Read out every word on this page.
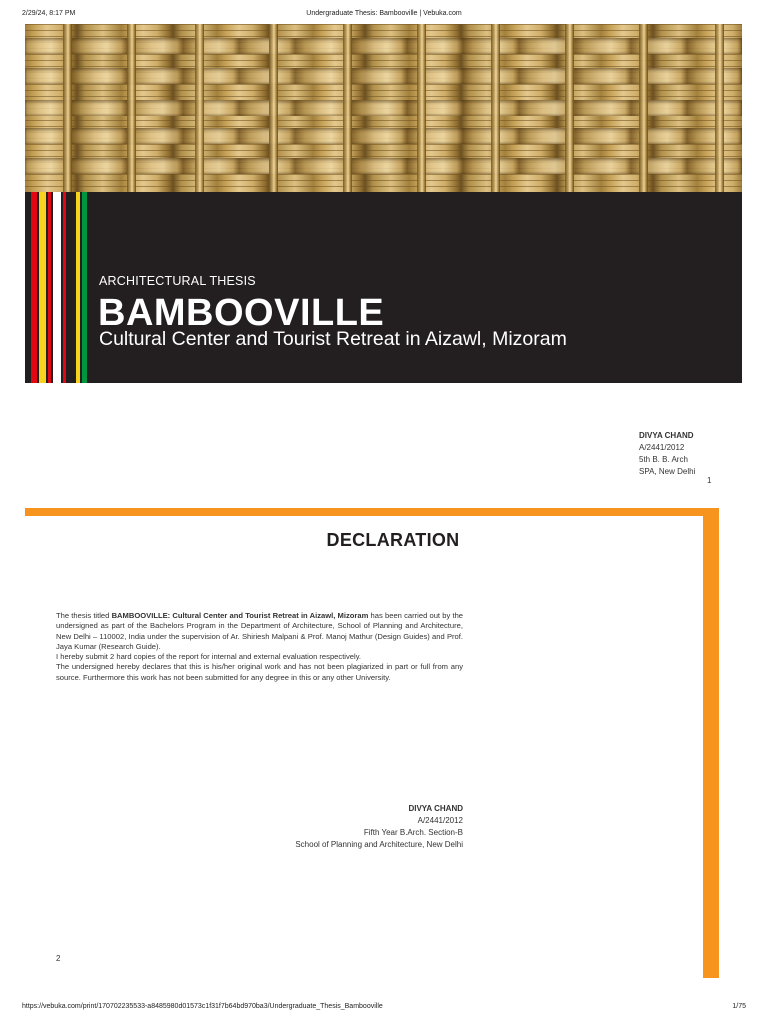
2/29/24, 8:17 PM	Undergraduate Thesis: Bambooville | Vebuka.com
ARCHITECTURAL THESIS
BAMBOOVILLE
Cultural Center and Tourist Retreat in Aizawl, Mizoram
DIVYA CHAND
A/2441/2012
5th B. B. Arch
SPA, New Delhi
1
DECLARATION

The thesis titled BAMBOOVILLE: Cultural Center and Tourist Retreat in Aizawl, Mizoram has been carried out by the undersigned as part of the Bachelors Program in the Department of Architecture, School of Planning and Architecture, New Delhi – 110002, India under the supervision of Ar. Shiriesh Malpani & Prof. Manoj Mathur (Design Guides) and Prof. Jaya Kumar (Research Guide).

I hereby submit 2 hard copies of the report for internal and external evaluation respectively.

The undersigned hereby declares that this is his/her original work and has not been plagiarized in part or full from any source. Furthermore this work has not been submitted for any degree in this or any other University.

DIVYA CHAND
A/2441/2012
Fifth Year B.Arch. Section-B
School of Planning and Architecture, New Delhi
2
https://vebuka.com/print/170702235533-a8485980d01573c1f31f7b64bd970ba3/Undergraduate_Thesis_Bambooville	1/75
